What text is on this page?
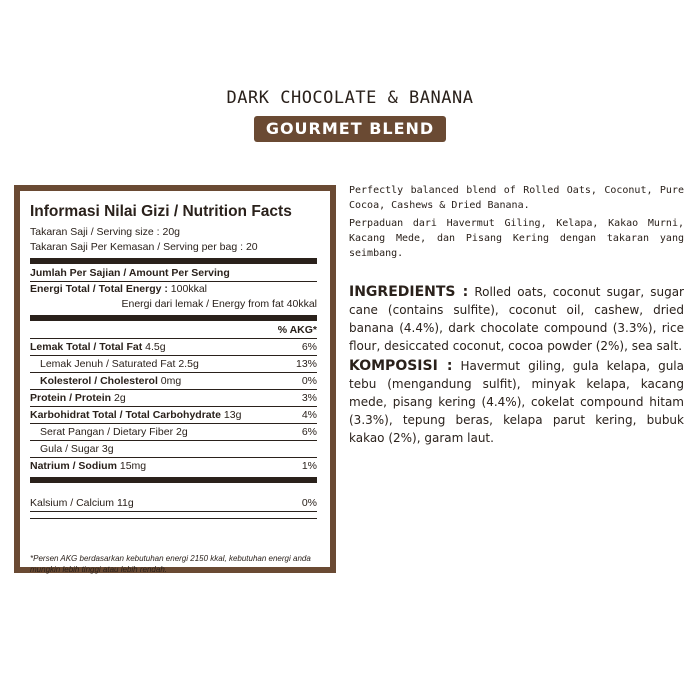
DARK CHOCOLATE & BANANA
GOURMET BLEND
Informasi Nilai Gizi / Nutrition Facts
Takaran Saji / Serving size : 20g
Takaran Saji Per Kemasan / Serving per bag : 20
Jumlah Per Sajian / Amount Per Serving
Energi Total / Total Energy : 100kkal
Energi dari lemak / Energy from fat 40kkal
% AKG*
Lemak Total / Total Fat 4.5g	6%
Lemak Jenuh / Saturated Fat 2.5g	13%
Kolesterol / Cholesterol 0mg	0%
Protein / Protein 2g	3%
Karbohidrat Total / Total Carbohydrate 13g	4%
Serat Pangan / Dietary Fiber 2g	6%
Gula / Sugar 3g
Natrium / Sodium 15mg	1%
Kalsium / Calcium 11g	0%
*Persen AKG berdasarkan kebutuhan energi 2150 kkal, kebutuhan energi anda mungkin lebih tinggi atau lebih rendah.

Perfectly balanced blend of Rolled Oats, Coconut, Pure Cocoa, Cashews & Dried Banana.

Perpaduan dari Havermut Giling, Kelapa, Kakao Murni, Kacang Mede, dan Pisang Kering dengan takaran yang seimbang.

INGREDIENTS : Rolled oats, coconut sugar, sugar cane (contains sulfite), coconut oil, cashew, dried banana (4.4%), dark chocolate compound (3.3%), rice flour, desiccated coconut, cocoa powder (2%), sea salt.

KOMPOSISI : Havermut giling, gula kelapa, gula tebu (mengandung sulfit), minyak kelapa, kacang mede, pisang kering (4.4%), cokelat compound hitam (3.3%), tepung beras, kelapa parut kering, bubuk kakao (2%), garam laut.
